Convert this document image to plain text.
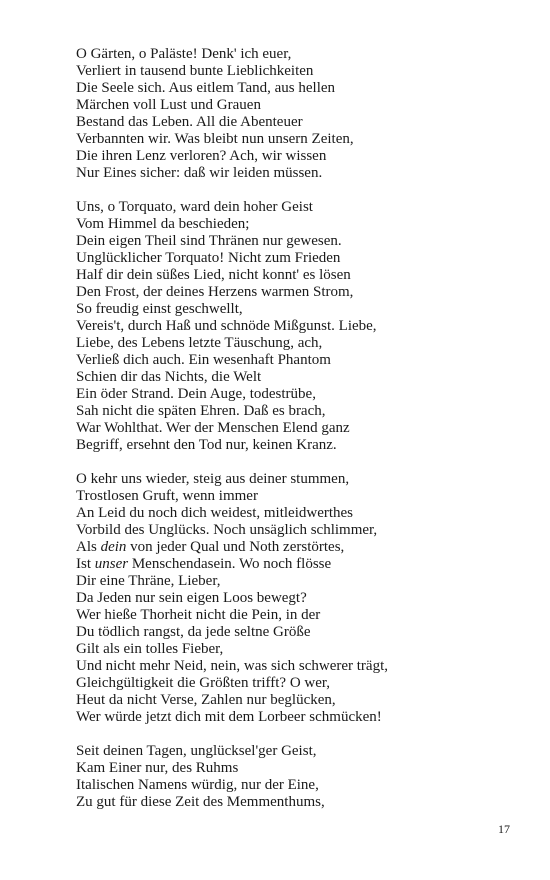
O Gärten, o Paläste! Denk' ich euer,
Verliert in tausend bunte Lieblichkeiten
Die Seele sich. Aus eitlem Tand, aus hellen
Märchen voll Lust und Grauen
Bestand das Leben. All die Abenteuer
Verbannten wir. Was bleibt nun unsern Zeiten,
Die ihren Lenz verloren? Ach, wir wissen
Nur Eines sicher: daß wir leiden müssen.
Uns, o Torquato, ward dein hoher Geist
Vom Himmel da beschieden;
Dein eigen Theil sind Thränen nur gewesen.
Unglücklicher Torquato! Nicht zum Frieden
Half dir dein süßes Lied, nicht konnt' es lösen
Den Frost, der deines Herzens warmen Strom,
So freudig einst geschwellt,
Vereis't, durch Haß und schnöde Mißgunst. Liebe,
Liebe, des Lebens letzte Täuschung, ach,
Verließ dich auch. Ein wesenhaft Phantom
Schien dir das Nichts, die Welt
Ein öder Strand. Dein Auge, todestrübe,
Sah nicht die späten Ehren. Daß es brach,
War Wohlthat. Wer der Menschen Elend ganz
Begriff, ersehnt den Tod nur, keinen Kranz.
O kehr uns wieder, steig aus deiner stummen,
Trostlosen Gruft, wenn immer
An Leid du noch dich weidest, mitleidwerthes
Vorbild des Unglücks. Noch unsäglich schlimmer,
Als dein von jeder Qual und Noth zerstörtes,
Ist unser Menschendasein. Wo noch flösse
Dir eine Thräne, Lieber,
Da Jeden nur sein eigen Loos bewegt?
Wer hieße Thorheit nicht die Pein, in der
Du tödlich rangst, da jede seltne Größe
Gilt als ein tolles Fieber,
Und nicht mehr Neid, nein, was sich schwerer trägt,
Gleichgültigkeit die Größten trifft? O wer,
Heut da nicht Verse, Zahlen nur beglücken,
Wer würde jetzt dich mit dem Lorbeer schmücken!
Seit deinen Tagen, unglücksel'ger Geist,
Kam Einer nur, des Ruhms
Italischen Namens würdig, nur der Eine,
Zu gut für diese Zeit des Memmenthums,
17
